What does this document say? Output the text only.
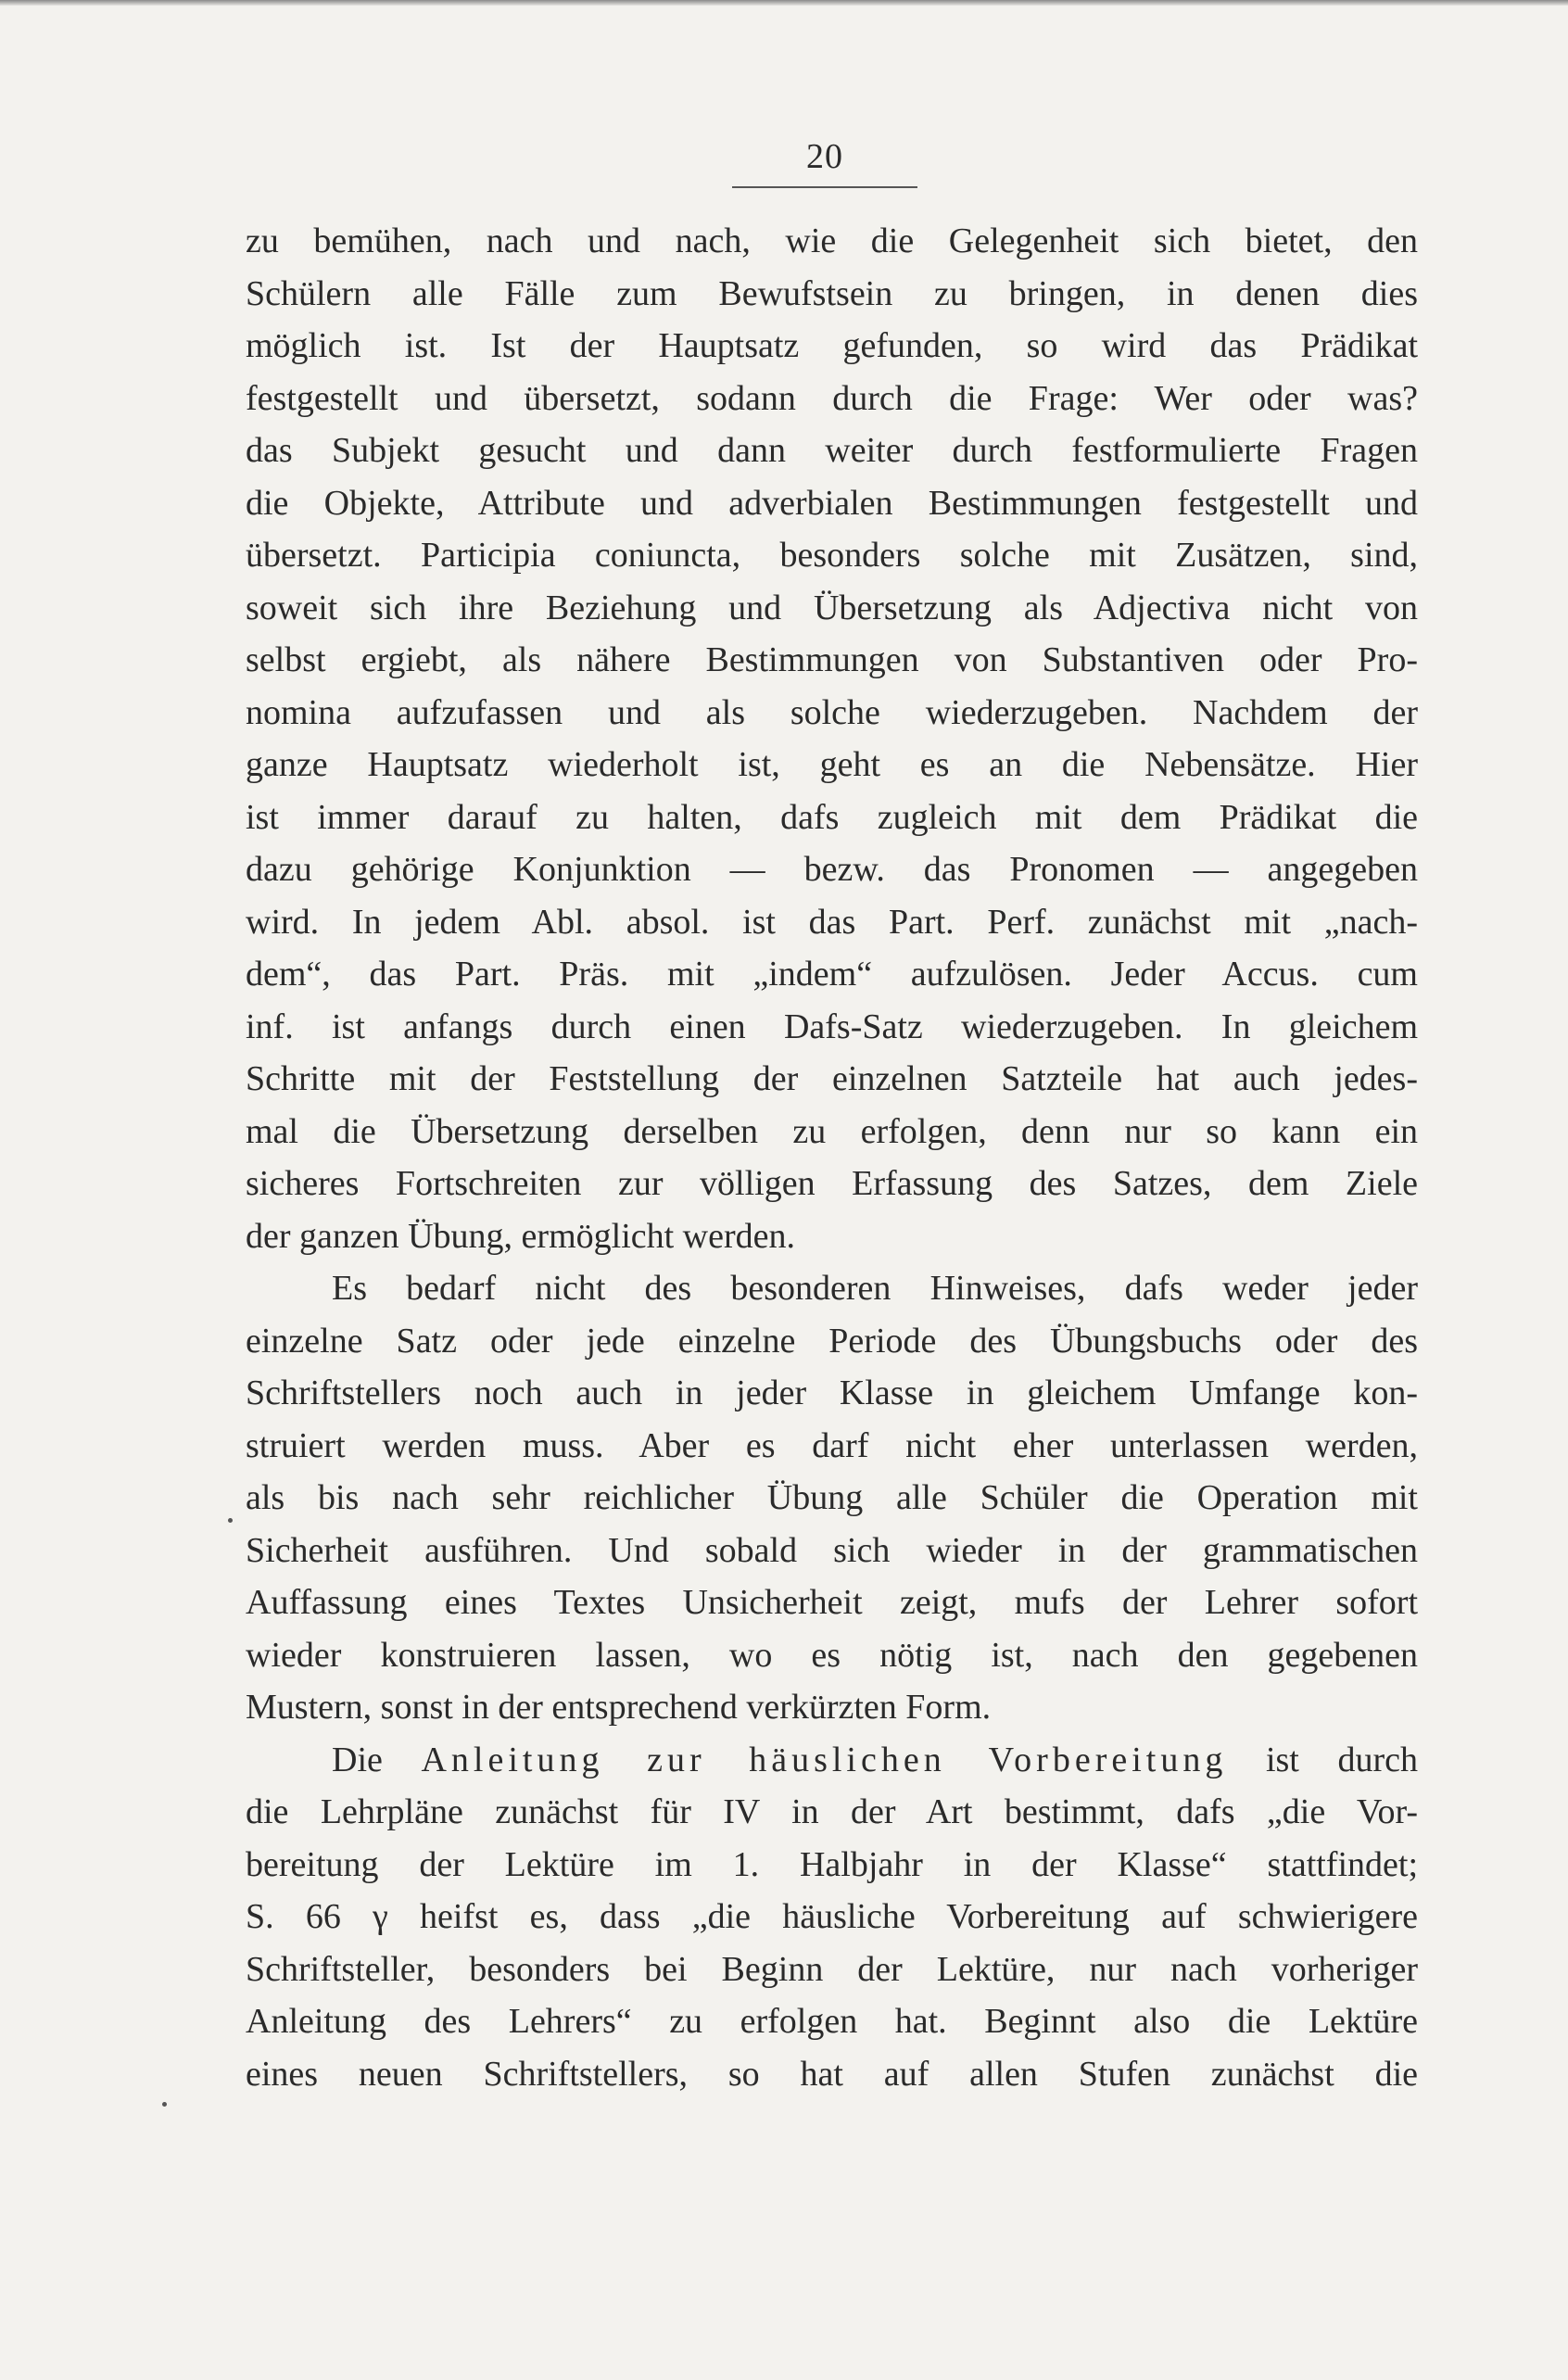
20
zu bemühen, nach und nach, wie die Gelegenheit sich bietet, den
Schülern alle Fälle zum Bewufstsein zu bringen, in denen dies
möglich ist. Ist der Hauptsatz gefunden, so wird das Prädikat
festgestellt und übersetzt, sodann durch die Frage: Wer oder was?
das Subjekt gesucht und dann weiter durch festformulierte Fragen
die Objekte, Attribute und adverbialen Bestimmungen festgestellt und
übersetzt. Participia coniuncta, besonders solche mit Zusätzen, sind,
soweit sich ihre Beziehung und Übersetzung als Adjectiva nicht von
selbst ergiebt, als nähere Bestimmungen von Substantiven oder Pro-
nomina aufzufassen und als solche wiederzugeben. Nachdem der
ganze Hauptsatz wiederholt ist, geht es an die Nebensätze. Hier
ist immer darauf zu halten, dafs zugleich mit dem Prädikat die
dazu gehörige Konjunktion — bezw. das Pronomen — angegeben
wird. In jedem Abl. absol. ist das Part. Perf. zunächst mit „nach-
dem“, das Part. Präs. mit „indem“ aufzulösen. Jeder Accus. cum
inf. ist anfangs durch einen Dafs-Satz wiederzugeben. In gleichem
Schritte mit der Feststellung der einzelnen Satzteile hat auch jedes-
mal die Übersetzung derselben zu erfolgen, denn nur so kann ein
sicheres Fortschreiten zur völligen Erfassung des Satzes, dem Ziele
der ganzen Übung, ermöglicht werden.
Es bedarf nicht des besonderen Hinweises, dafs weder jeder
einzelne Satz oder jede einzelne Periode des Übungsbuchs oder des
Schriftstellers noch auch in jeder Klasse in gleichem Umfange kon-
struiert werden muss. Aber es darf nicht eher unterlassen werden,
als bis nach sehr reichlicher Übung alle Schüler die Operation mit
Sicherheit ausführen. Und sobald sich wieder in der grammatischen
Auffassung eines Textes Unsicherheit zeigt, mufs der Lehrer sofort
wieder konstruieren lassen, wo es nötig ist, nach den gegebenen
Mustern, sonst in der entsprechend verkürzten Form.
Die Anleitung zur häuslichen Vorbereitung ist durch
die Lehrpläne zunächst für IV in der Art bestimmt, dafs „die Vor-
bereitung der Lektüre im 1. Halbjahr in der Klasse“ stattfindet;
S. 66 γ heifst es, dass „die häusliche Vorbereitung auf schwierigere
Schriftsteller, besonders bei Beginn der Lektüre, nur nach vorheriger
Anleitung des Lehrers“ zu erfolgen hat. Beginnt also die Lektüre
eines neuen Schriftstellers, so hat auf allen Stufen zunächst die
